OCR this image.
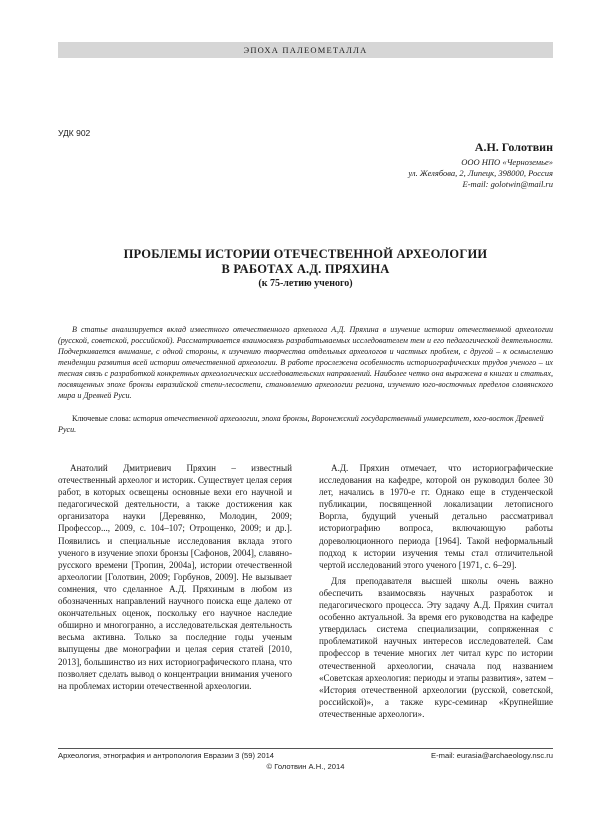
ЭПОХА ПАЛЕОМЕТАЛЛА
УДК 902
А.Н. Голотвин
ООО НПО «Черноземье»
ул. Желябова, 2, Липецк, 398000, Россия
E-mail: golotwin@mail.ru
ПРОБЛЕМЫ ИСТОРИИ ОТЕЧЕСТВЕННОЙ АРХЕОЛОГИИ
В РАБОТАХ А.Д. ПРЯХИНА
(к 75-летию ученого)
В статье анализируется вклад известного отечественного археолога А.Д. Пряхина в изучение истории отечественной археологии (русской, советской, российской). Рассматривается взаимосвязь разрабатываемых исследователем тем и его педагогической деятельности. Подчеркивается внимание, с одной стороны, к изучению творчества отдельных археологов и частных проблем, с другой – к осмыслению тенденции развития всей истории отечественной археологии. В работе прослежена особенность историографических трудов ученого – их тесная связь с разработкой конкретных археологических исследовательских направлений. Наиболее четко она выражена в книгах и статьях, посвященных эпохе бронзы евразийской степи-лесостепи, становлению археологии региона, изучению юго-восточных пределов славянского мира и Древней Руси.
Ключевые слова: история отечественной археологии, эпоха бронзы, Воронежский государственный университет, юго-восток Древней Руси.

Анатолий Дмитриевич Пряхин – известный отечественный археолог и историк. Существует целая серия работ, в которых освещены основные вехи его научной и педагогической деятельности, а также достижения как организатора науки [Деревянко, Молодин, 2009; Профессор..., 2009, с. 104–107; Отрощенко, 2009; и др.]. Появились и специальные исследования вклада этого ученого в изучение эпохи бронзы [Сафонов, 2004], славяно-русского времени [Тропин, 2004а], истории отечественной археологии [Голотвин, 2009; Горбунов, 2009]. Не вызывает сомнения, что сделанное А.Д. Пряхиным в любом из обозначенных направлений научного поиска еще далеко от окончательных оценок, поскольку его научное наследие обширно и многогранно, а исследовательская деятельность весьма активна. Только за последние годы ученым выпущены две монографии и целая серия статей [2010, 2013], большинство из них историографического плана, что позволяет сделать вывод о концентрации внимания ученого на проблемах истории отечественной археологии.

А.Д. Пряхин отмечает, что историографические исследования на кафедре, которой он руководил более 30 лет, начались в 1970-е гг. Однако еще в студенческой публикации, посвященной локализации летописного Воргла, будущий ученый детально рассматривал историографию вопроса, включающую работы дореволюционного периода [1964]. Такой неформальный подход к истории изучения темы стал отличительной чертой исследований этого ученого [1971, с. 6–29].

Для преподавателя высшей школы очень важно обеспечить взаимосвязь научных разработок и педагогического процесса. Эту задачу А.Д. Пряхин считал особенно актуальной. За время его руководства на кафедре утвердилась система специализации, сопряженная с проблематикой научных интересов исследователей. Сам профессор в течение многих лет читал курс по истории отечественной археологии, сначала под названием «Советская археология: периоды и этапы развития», затем – «История отечественной археологии (русской, советской, российской)», а также курс-семинар «Крупнейшие отечественные археологи».

Археология, этнография и антропология Евразии 3 (59) 2014	E-mail: eurasia@archaeology.nsc.ru
© Голотвин А.Н., 2014
